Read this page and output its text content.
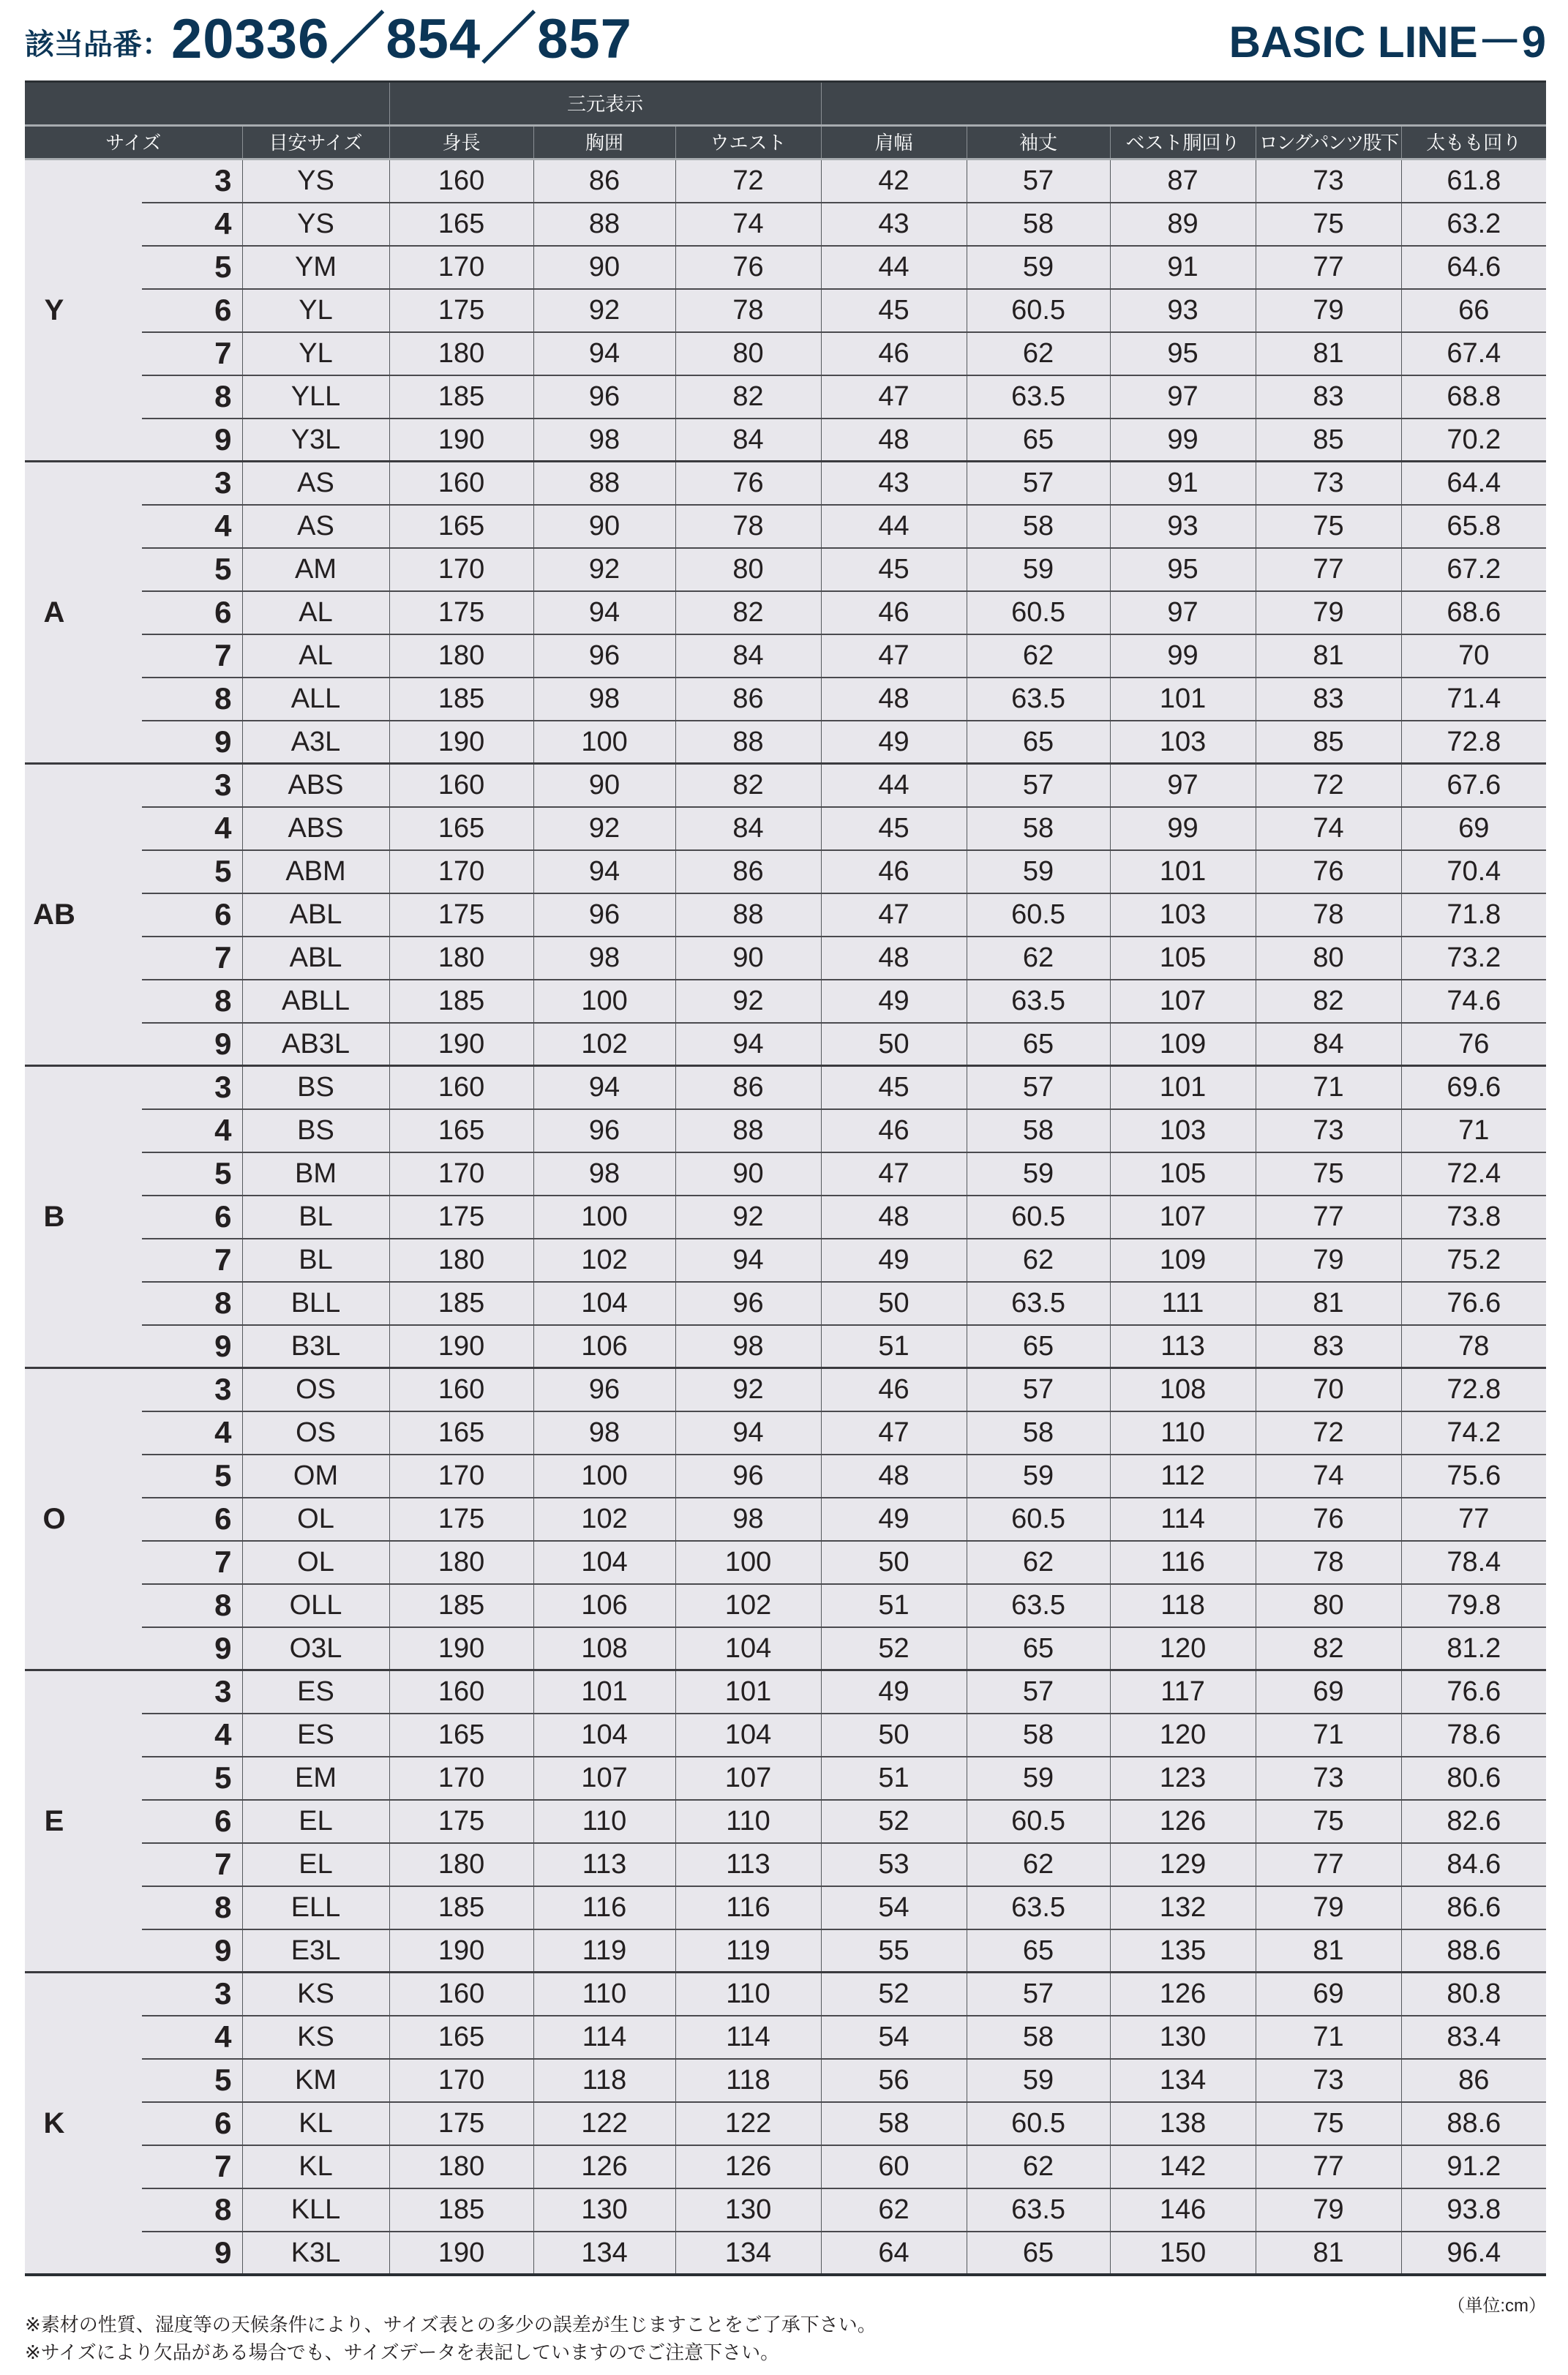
該当品番： 20336／854／857	BASIC LINE－9
			三元表示							
サイズ		目安サイズ	身長	胸囲	ウエスト	肩幅	袖丈	ベスト胴回り	ロングパンツ股下	太もも回り
Y	3	YS	160	86	72	42	57	87	73	61.8
	4	YS	165	88	74	43	58	89	75	63.2
	5	YM	170	90	76	44	59	91	77	64.6
	6	YL	175	92	78	45	60.5	93	79	66
	7	YL	180	94	80	46	62	95	81	67.4
	8	YLL	185	96	82	47	63.5	97	83	68.8
	9	Y3L	190	98	84	48	65	99	85	70.2
A	3	AS	160	88	76	43	57	91	73	64.4
	4	AS	165	90	78	44	58	93	75	65.8
	5	AM	170	92	80	45	59	95	77	67.2
	6	AL	175	94	82	46	60.5	97	79	68.6
	7	AL	180	96	84	47	62	99	81	70
	8	ALL	185	98	86	48	63.5	101	83	71.4
	9	A3L	190	100	88	49	65	103	85	72.8
AB	3	ABS	160	90	82	44	57	97	72	67.6
	4	ABS	165	92	84	45	58	99	74	69
	5	ABM	170	94	86	46	59	101	76	70.4
	6	ABL	175	96	88	47	60.5	103	78	71.8
	7	ABL	180	98	90	48	62	105	80	73.2
	8	ABLL	185	100	92	49	63.5	107	82	74.6
	9	AB3L	190	102	94	50	65	109	84	76
B	3	BS	160	94	86	45	57	101	71	69.6
	4	BS	165	96	88	46	58	103	73	71
	5	BM	170	98	90	47	59	105	75	72.4
	6	BL	175	100	92	48	60.5	107	77	73.8
	7	BL	180	102	94	49	62	109	79	75.2
	8	BLL	185	104	96	50	63.5	111	81	76.6
	9	B3L	190	106	98	51	65	113	83	78
O	3	OS	160	96	92	46	57	108	70	72.8
	4	OS	165	98	94	47	58	110	72	74.2
	5	OM	170	100	96	48	59	112	74	75.6
	6	OL	175	102	98	49	60.5	114	76	77
	7	OL	180	104	100	50	62	116	78	78.4
	8	OLL	185	106	102	51	63.5	118	80	79.8
	9	O3L	190	108	104	52	65	120	82	81.2
E	3	ES	160	101	101	49	57	117	69	76.6
	4	ES	165	104	104	50	58	120	71	78.6
	5	EM	170	107	107	51	59	123	73	80.6
	6	EL	175	110	110	52	60.5	126	75	82.6
	7	EL	180	113	113	53	62	129	77	84.6
	8	ELL	185	116	116	54	63.5	132	79	86.6
	9	E3L	190	119	119	55	65	135	81	88.6
K	3	KS	160	110	110	52	57	126	69	80.8
	4	KS	165	114	114	54	58	130	71	83.4
	5	KM	170	118	118	56	59	134	73	86
	6	KL	175	122	122	58	60.5	138	75	88.6
	7	KL	180	126	126	60	62	142	77	91.2
	8	KLL	185	130	130	62	63.5	146	79	93.8
	9	K3L	190	134	134	64	65	150	81	96.4
（単位:cm）
※素材の性質、湿度等の天候条件により、サイズ表との多少の誤差が生じますことをご了承下さい。
※サイズにより欠品がある場合でも、サイズデータを表記していますのでご注意下さい。
